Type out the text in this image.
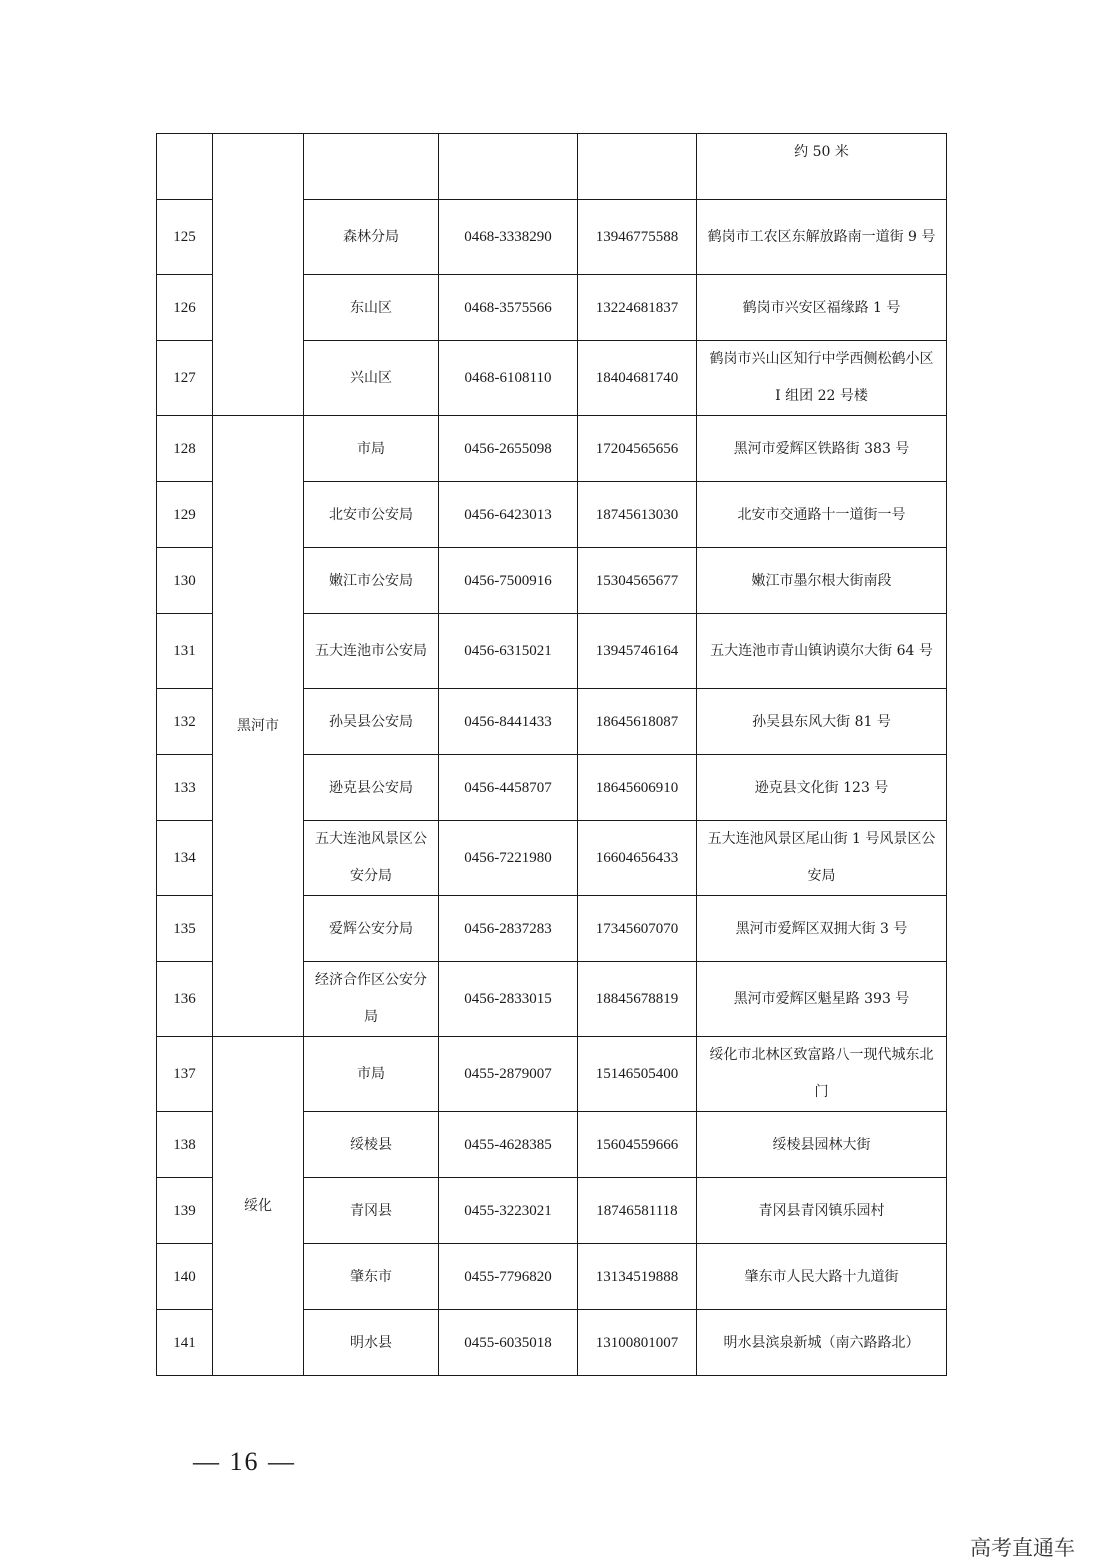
					约 50 米
125		森林分局	0468-3338290	13946775588	鹤岗市工农区东解放路南一道街 9 号
126		东山区	0468-3575566	13224681837	鹤岗市兴安区福缘路 1 号
127		兴山区	0468-6108110	18404681740	鹤岗市兴山区知行中学西侧松鹤小区 I 组团 22 号楼
128	黑河市	市局	0456-2655098	17204565656	黑河市爱辉区铁路街 383 号
129		北安市公安局	0456-6423013	18745613030	北安市交通路十一道街一号
130		嫩江市公安局	0456-7500916	15304565677	嫩江市墨尔根大街南段
131		五大连池市公安局	0456-6315021	13945746164	五大连池市青山镇讷谟尔大街 64 号
132		孙吴县公安局	0456-8441433	18645618087	孙吴县东风大街 81 号
133		逊克县公安局	0456-4458707	18645606910	逊克县文化街 123 号
134		五大连池风景区公安分局	0456-7221980	16604656433	五大连池风景区尾山街 1 号风景区公安局
135		爱辉公安分局	0456-2837283	17345607070	黑河市爱辉区双拥大街 3 号
136		经济合作区公安分局	0456-2833015	18845678819	黑河市爱辉区魁星路 393 号
137	绥化	市局	0455-2879007	15146505400	绥化市北林区致富路八一现代城东北门
138		绥棱县	0455-4628385	15604559666	绥棱县园林大街
139		青冈县	0455-3223021	18746581118	青冈县青冈镇乐园村
140		肇东市	0455-7796820	13134519888	肇东市人民大路十九道街
141		明水县	0455-6035018	13100801007	明水县滨泉新城（南六路路北）
— 16 —
高考直通车
